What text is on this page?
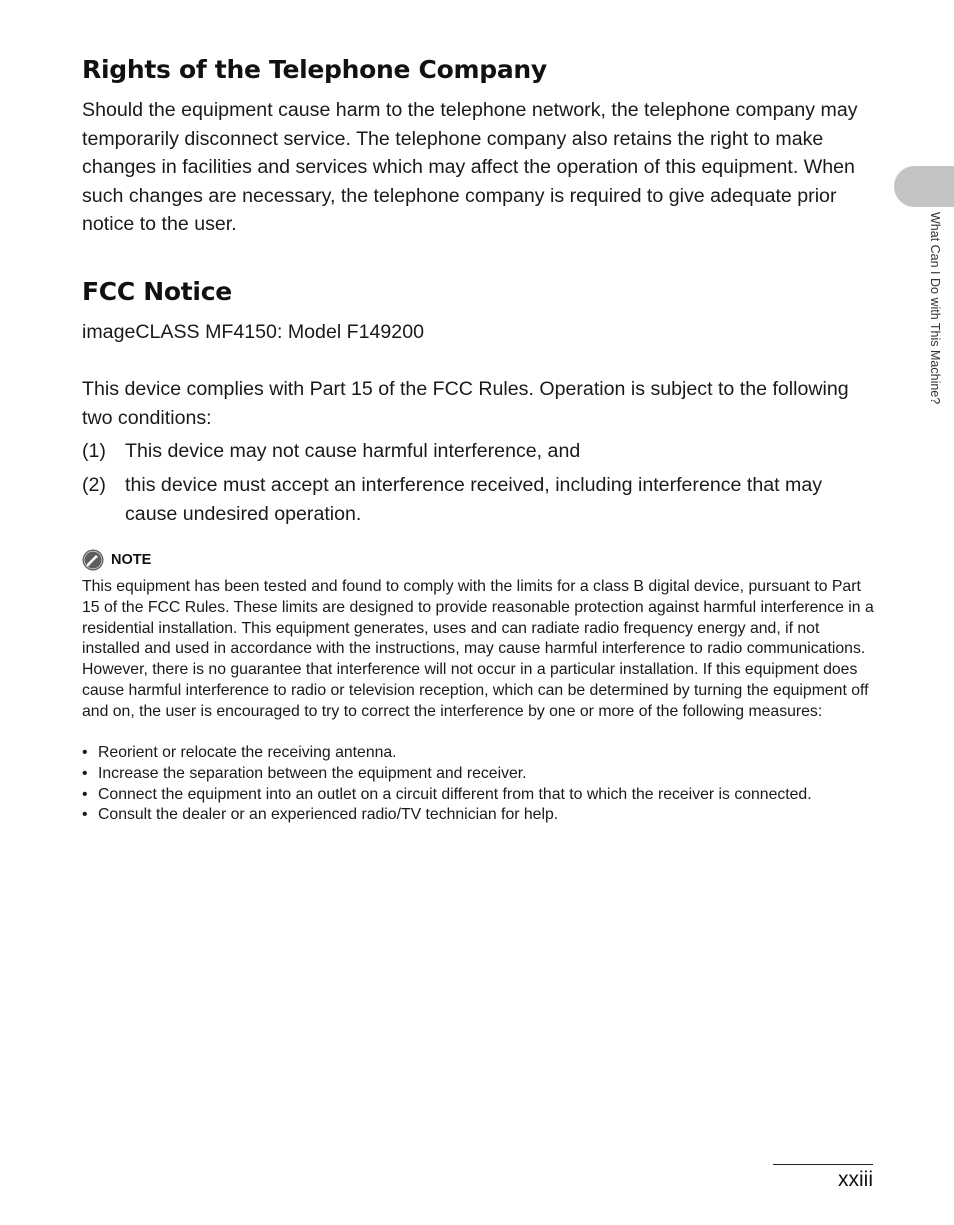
Rights of the Telephone Company

Should the equipment cause harm to the telephone network, the telephone company may temporarily disconnect service. The telephone company also retains the right to make changes in facilities and services which may affect the operation of this equipment. When such changes are necessary, the telephone company is required to give adequate prior notice to the user.

FCC Notice

imageCLASS MF4150: Model F149200

This device complies with Part 15 of the FCC Rules. Operation is subject to the following two conditions:

(1) This device may not cause harmful interference, and
(2) this device must accept an interference received, including interference that may cause undesired operation.
NOTE

This equipment has been tested and found to comply with the limits for a class B digital device, pursuant to Part 15 of the FCC Rules. These limits are designed to provide reasonable protection against harmful interference in a residential installation. This equipment generates, uses and can radiate radio frequency energy and, if not installed and used in accordance with the instructions, may cause harmful interference to radio communications. However, there is no guarantee that interference will not occur in a particular installation. If this equipment does cause harmful interference to radio or television reception, which can be determined by turning the equipment off and on, the user is encouraged to try to correct the interference by one or more of the following measures:

• Reorient or relocate the receiving antenna.
• Increase the separation between the equipment and receiver.
• Connect the equipment into an outlet on a circuit different from that to which the receiver is connected.
• Consult the dealer or an experienced radio/TV technician for help.
What Can I Do with This Machine?
xxiii
